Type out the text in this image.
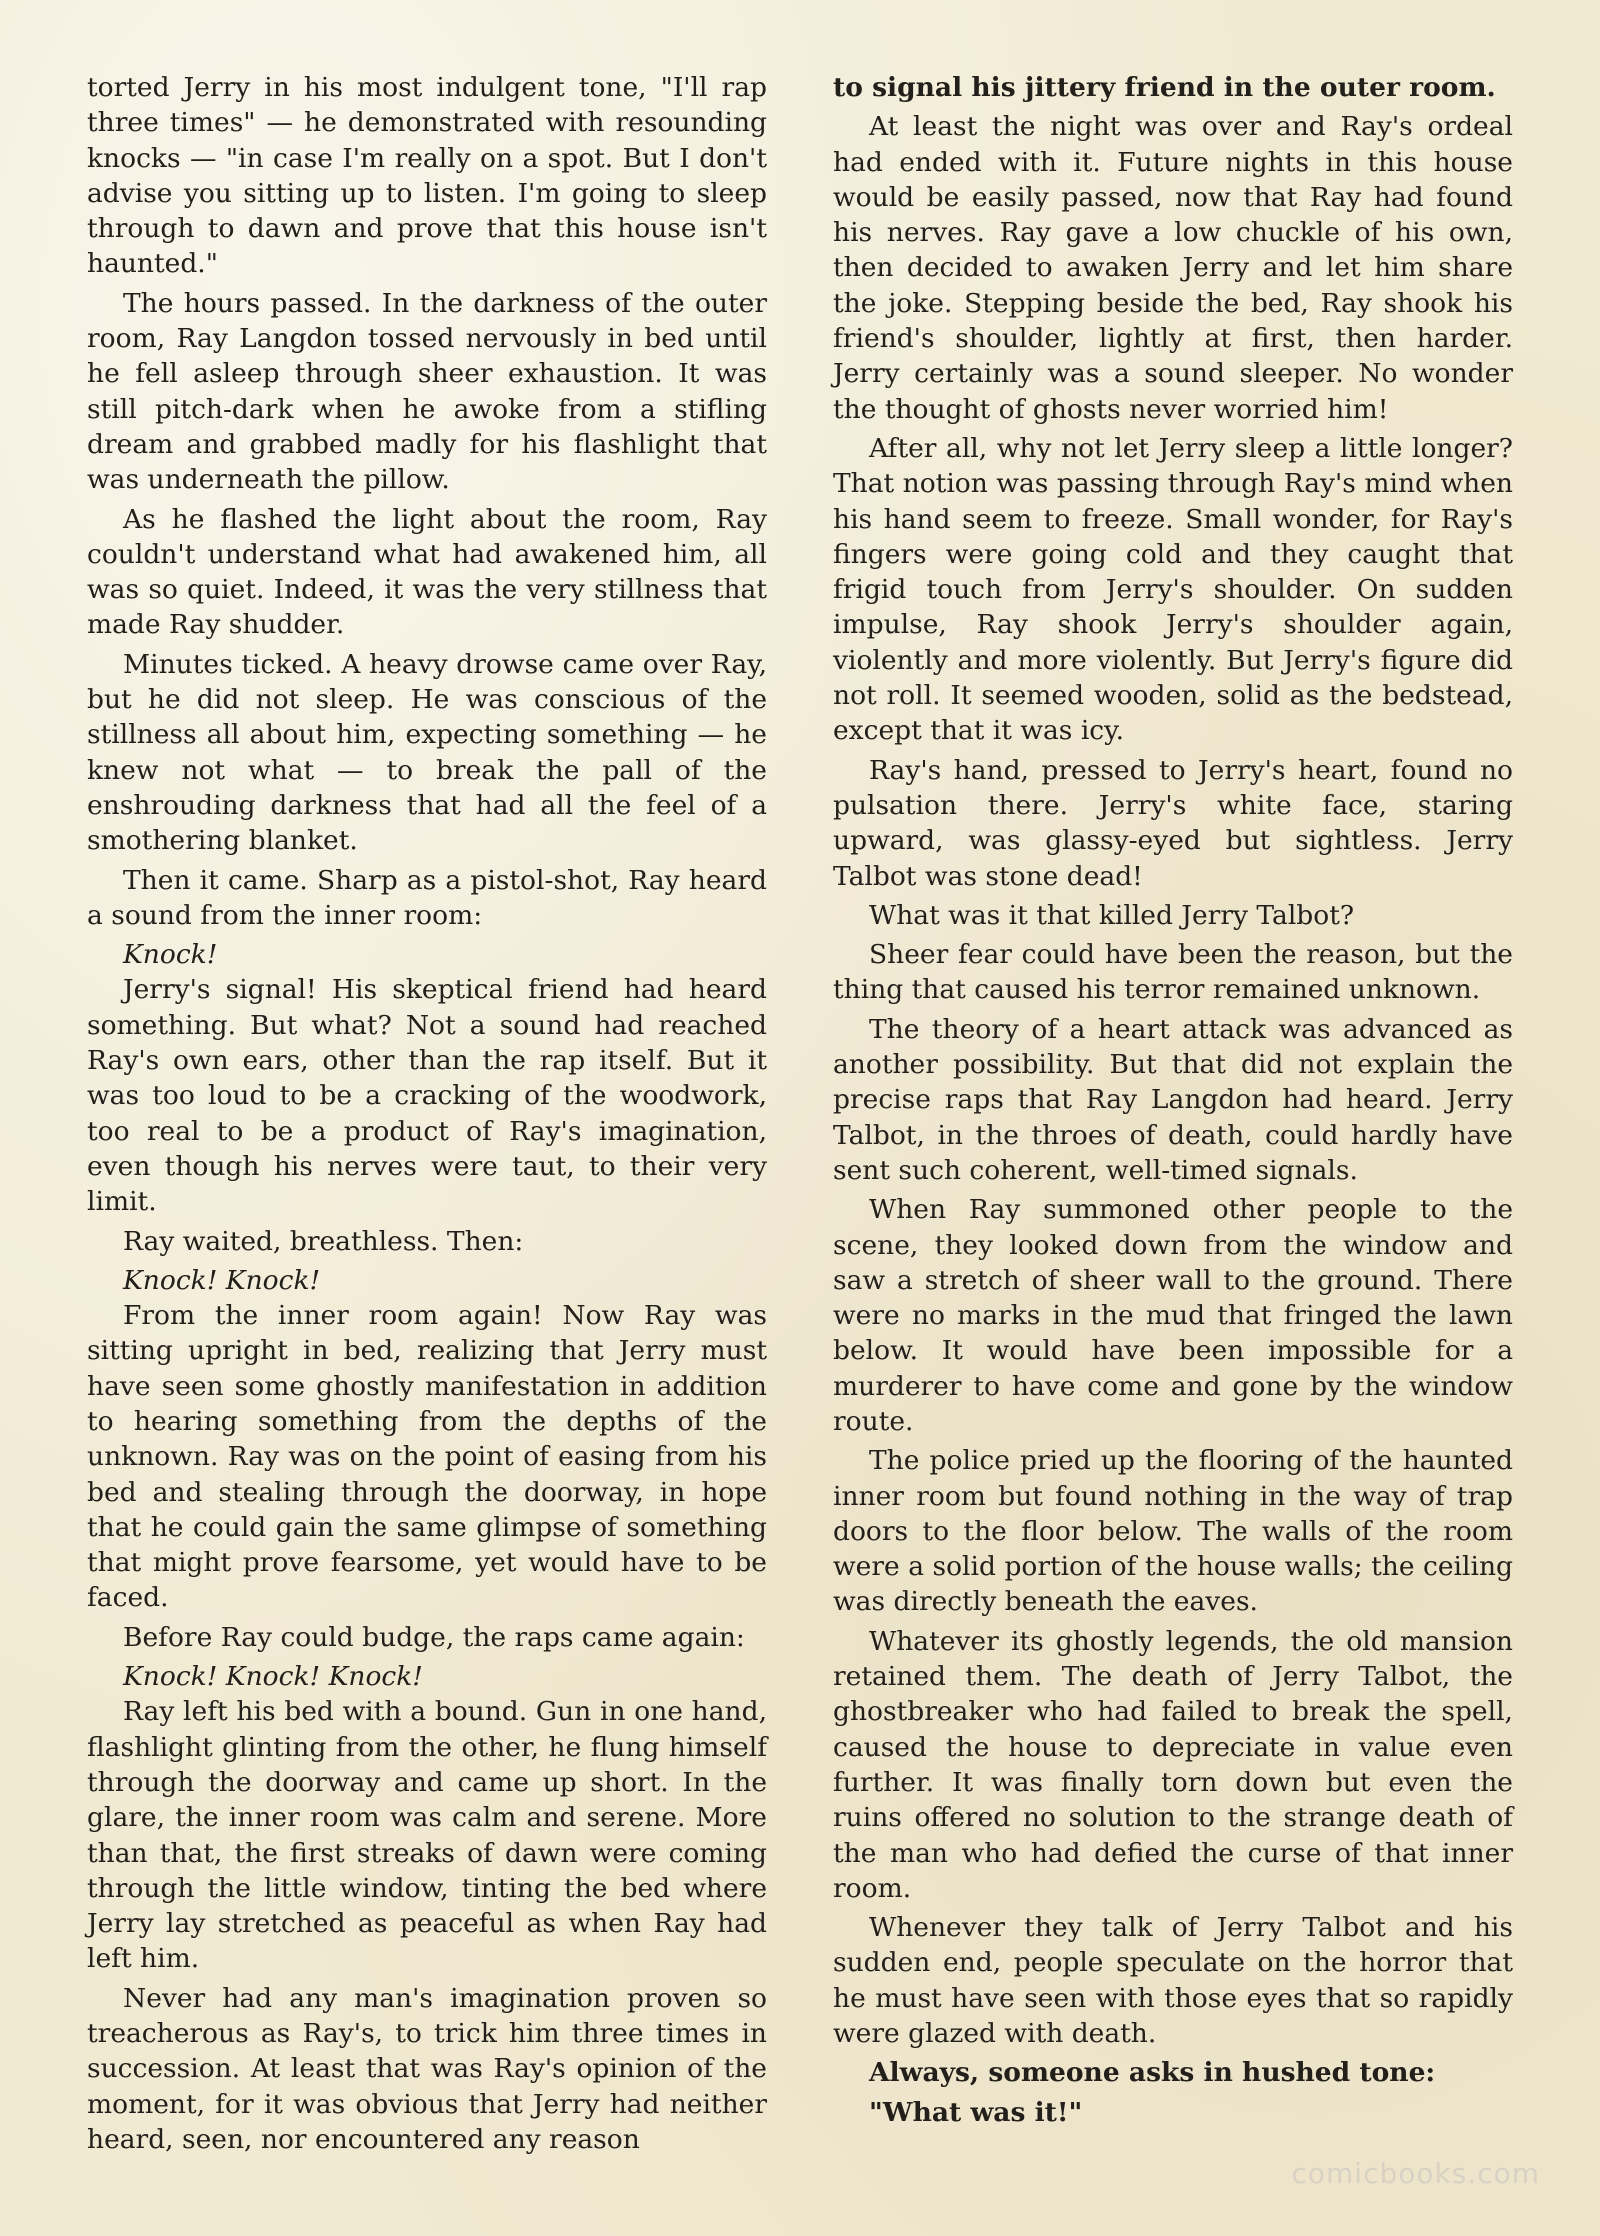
torted Jerry in his most indulgent tone, "I'll rap three times" — he demonstrated with resounding knocks — "in case I'm really on a spot. But I don't advise you sitting up to listen. I'm going to sleep through to dawn and prove that this house isn't haunted."

The hours passed. In the darkness of the outer room, Ray Langdon tossed nervously in bed until he fell asleep through sheer exhaustion. It was still pitch-dark when he awoke from a stifling dream and grabbed madly for his flashlight that was underneath the pillow.

As he flashed the light about the room, Ray couldn't understand what had awakened him, all was so quiet. Indeed, it was the very stillness that made Ray shudder.

Minutes ticked. A heavy drowse came over Ray, but he did not sleep. He was conscious of the stillness all about him, expecting something — he knew not what — to break the pall of the enshrouding darkness that had all the feel of a smothering blanket.

Then it came. Sharp as a pistol-shot, Ray heard a sound from the inner room:

Knock!

Jerry's signal! His skeptical friend had heard something. But what? Not a sound had reached Ray's own ears, other than the rap itself. But it was too loud to be a cracking of the woodwork, too real to be a product of Ray's imagination, even though his nerves were taut, to their very limit.

Ray waited, breathless. Then:

Knock! Knock!

From the inner room again! Now Ray was sitting upright in bed, realizing that Jerry must have seen some ghostly manifestation in addition to hearing something from the depths of the unknown. Ray was on the point of easing from his bed and stealing through the doorway, in hope that he could gain the same glimpse of something that might prove fearsome, yet would have to be faced.

Before Ray could budge, the raps came again:

Knock! Knock! Knock!

Ray left his bed with a bound. Gun in one hand, flashlight glinting from the other, he flung himself through the doorway and came up short. In the glare, the inner room was calm and serene. More than that, the first streaks of dawn were coming through the little window, tinting the bed where Jerry lay stretched as peaceful as when Ray had left him.

Never had any man's imagination proven so treacherous as Ray's, to trick him three times in succession. At least that was Ray's opinion of the moment, for it was obvious that Jerry had neither heard, seen, nor encountered any reason

to signal his jittery friend in the outer room.

At least the night was over and Ray's ordeal had ended with it. Future nights in this house would be easily passed, now that Ray had found his nerves. Ray gave a low chuckle of his own, then decided to awaken Jerry and let him share the joke. Stepping beside the bed, Ray shook his friend's shoulder, lightly at first, then harder. Jerry certainly was a sound sleeper. No wonder the thought of ghosts never worried him!

After all, why not let Jerry sleep a little longer? That notion was passing through Ray's mind when his hand seem to freeze. Small wonder, for Ray's fingers were going cold and they caught that frigid touch from Jerry's shoulder. On sudden impulse, Ray shook Jerry's shoulder again, violently and more violently. But Jerry's figure did not roll. It seemed wooden, solid as the bedstead, except that it was icy.

Ray's hand, pressed to Jerry's heart, found no pulsation there. Jerry's white face, staring upward, was glassy-eyed but sightless. Jerry Talbot was stone dead!

What was it that killed Jerry Talbot?

Sheer fear could have been the reason, but the thing that caused his terror remained unknown.

The theory of a heart attack was advanced as another possibility. But that did not explain the precise raps that Ray Langdon had heard. Jerry Talbot, in the throes of death, could hardly have sent such coherent, well-timed signals.

When Ray summoned other people to the scene, they looked down from the window and saw a stretch of sheer wall to the ground. There were no marks in the mud that fringed the lawn below. It would have been impossible for a murderer to have come and gone by the window route.

The police pried up the flooring of the haunted inner room but found nothing in the way of trap doors to the floor below. The walls of the room were a solid portion of the house walls; the ceiling was directly beneath the eaves.

Whatever its ghostly legends, the old mansion retained them. The death of Jerry Talbot, the ghostbreaker who had failed to break the spell, caused the house to depreciate in value even further. It was finally torn down but even the ruins offered no solution to the strange death of the man who had defied the curse of that inner room.

Whenever they talk of Jerry Talbot and his sudden end, people speculate on the horror that he must have seen with those eyes that so rapidly were glazed with death.

Always, someone asks in hushed tone:

"What was it!"

comicbooks.com
